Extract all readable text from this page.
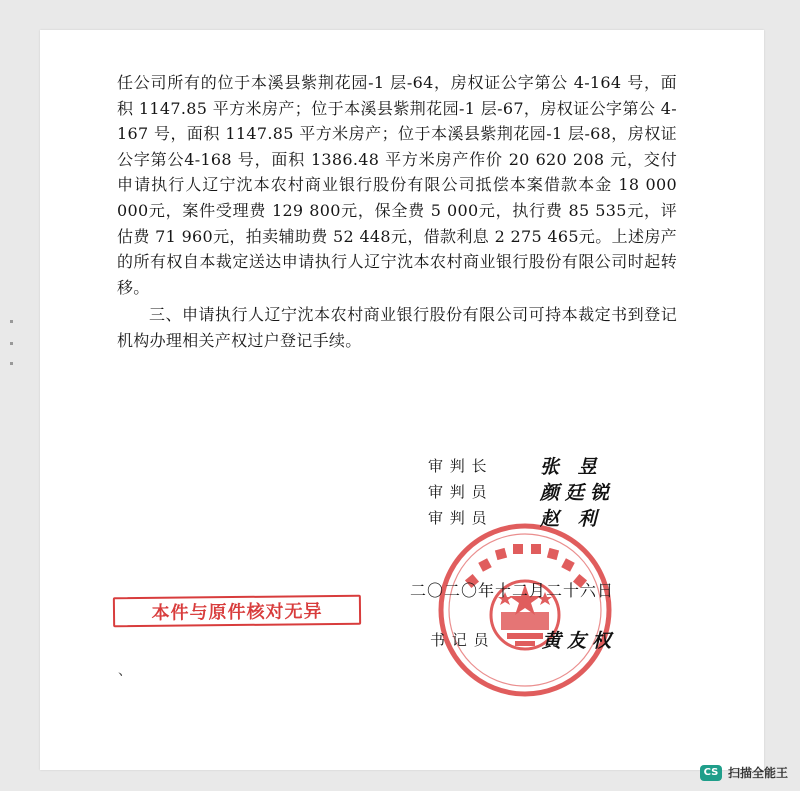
任公司所有的位于本溪县紫荆花园-1 层-64，房权证公字第公 4-164 号，面积 1147.85 平方米房产；位于本溪县紫荆花园-1 层-67，房权证公字第公 4-167 号，面积 1147.85 平方米房产；位于本溪县紫荆花园-1 层-68，房权证公字第公4-168 号，面积 1386.48 平方米房产作价 20 620 208 元，交付申请执行人辽宁沈本农村商业银行股份有限公司抵偿本案借款本金 18 000 000元，案件受理费 129 800元，保全费 5 000元，执行费 85 535元，评估费 71 960元，拍卖辅助费 52 448元，借款利息 2 275 465元。上述房产的所有权自本裁定送达申请执行人辽宁沈本农村商业银行股份有限公司时起转移。

三、申请执行人辽宁沈本农村商业银行股份有限公司可持本裁定书到登记机构办理相关产权过户登记手续。

审 判 长	张 昱
审 判 员	颜廷锐
审 判 员	赵 利
二〇二〇年十二月二十六日
书 记 员	黄友权
本件与原件核对无异
、
CS 扫描全能王
